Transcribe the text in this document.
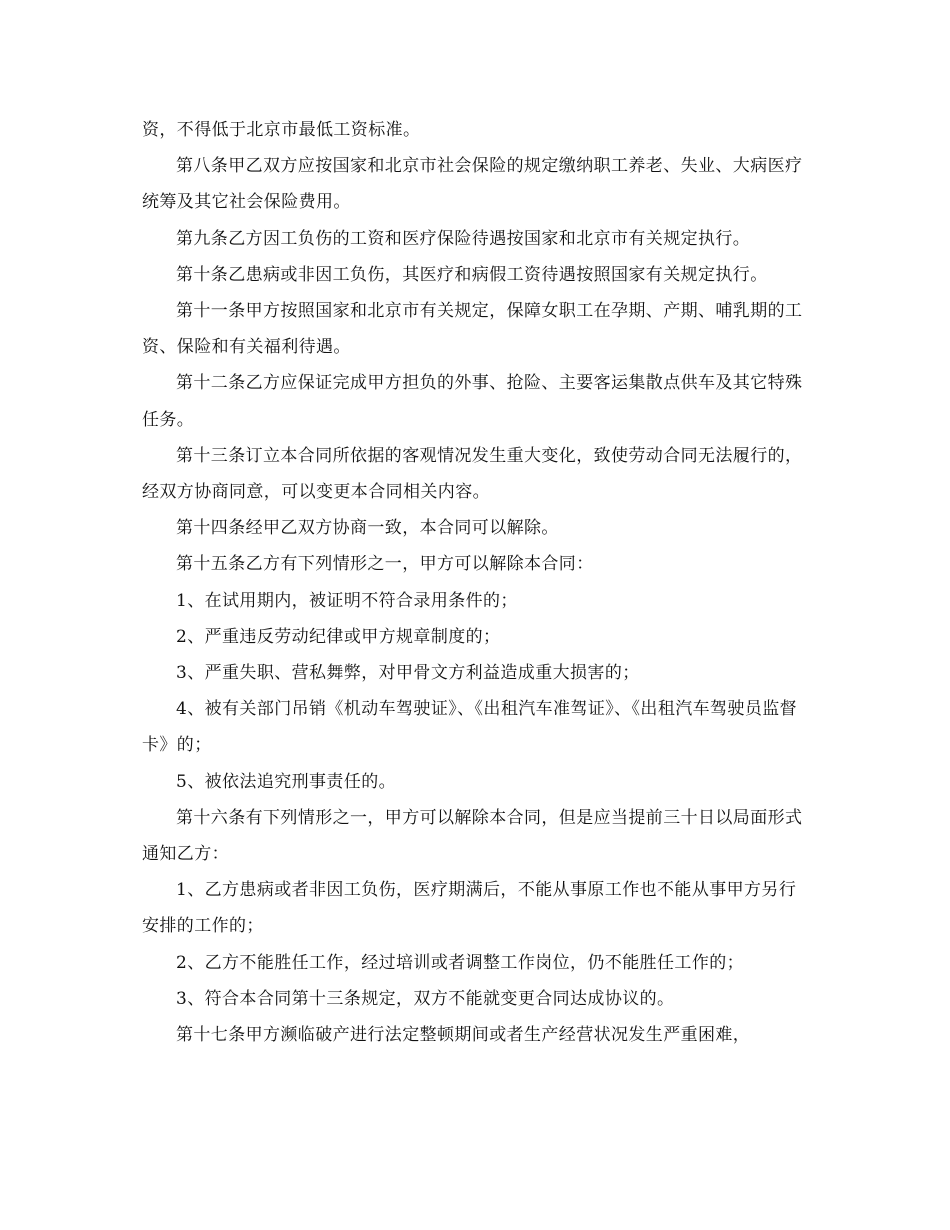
资，不得低于北京市最低工资标准。

第八条甲乙双方应按国家和北京市社会保险的规定缴纳职工养老、失业、大病医疗统筹及其它社会保险费用。

第九条乙方因工负伤的工资和医疗保险待遇按国家和北京市有关规定执行。

第十条乙患病或非因工负伤，其医疗和病假工资待遇按照国家有关规定执行。

第十一条甲方按照国家和北京市有关规定，保障女职工在孕期、产期、哺乳期的工资、保险和有关福利待遇。

第十二条乙方应保证完成甲方担负的外事、抢险、主要客运集散点供车及其它特殊任务。

第十三条订立本合同所依据的客观情况发生重大变化，致使劳动合同无法履行的，经双方协商同意，可以变更本合同相关内容。

第十四条经甲乙双方协商一致，本合同可以解除。

第十五条乙方有下列情形之一，甲方可以解除本合同：

1、在试用期内，被证明不符合录用条件的；

2、严重违反劳动纪律或甲方规章制度的；

3、严重失职、营私舞弊，对甲骨文方利益造成重大损害的；

4、被有关部门吊销《机动车驾驶证》、《出租汽车准驾证》、《出租汽车驾驶员监督卡》的；

5、被依法追究刑事责任的。

第十六条有下列情形之一，甲方可以解除本合同，但是应当提前三十日以局面形式通知乙方：

1、乙方患病或者非因工负伤，医疗期满后，不能从事原工作也不能从事甲方另行安排的工作的；

2、乙方不能胜任工作，经过培训或者调整工作岗位，仍不能胜任工作的；

3、符合本合同第十三条规定，双方不能就变更合同达成协议的。

第十七条甲方濒临破产进行法定整顿期间或者生产经营状况发生严重困难，
